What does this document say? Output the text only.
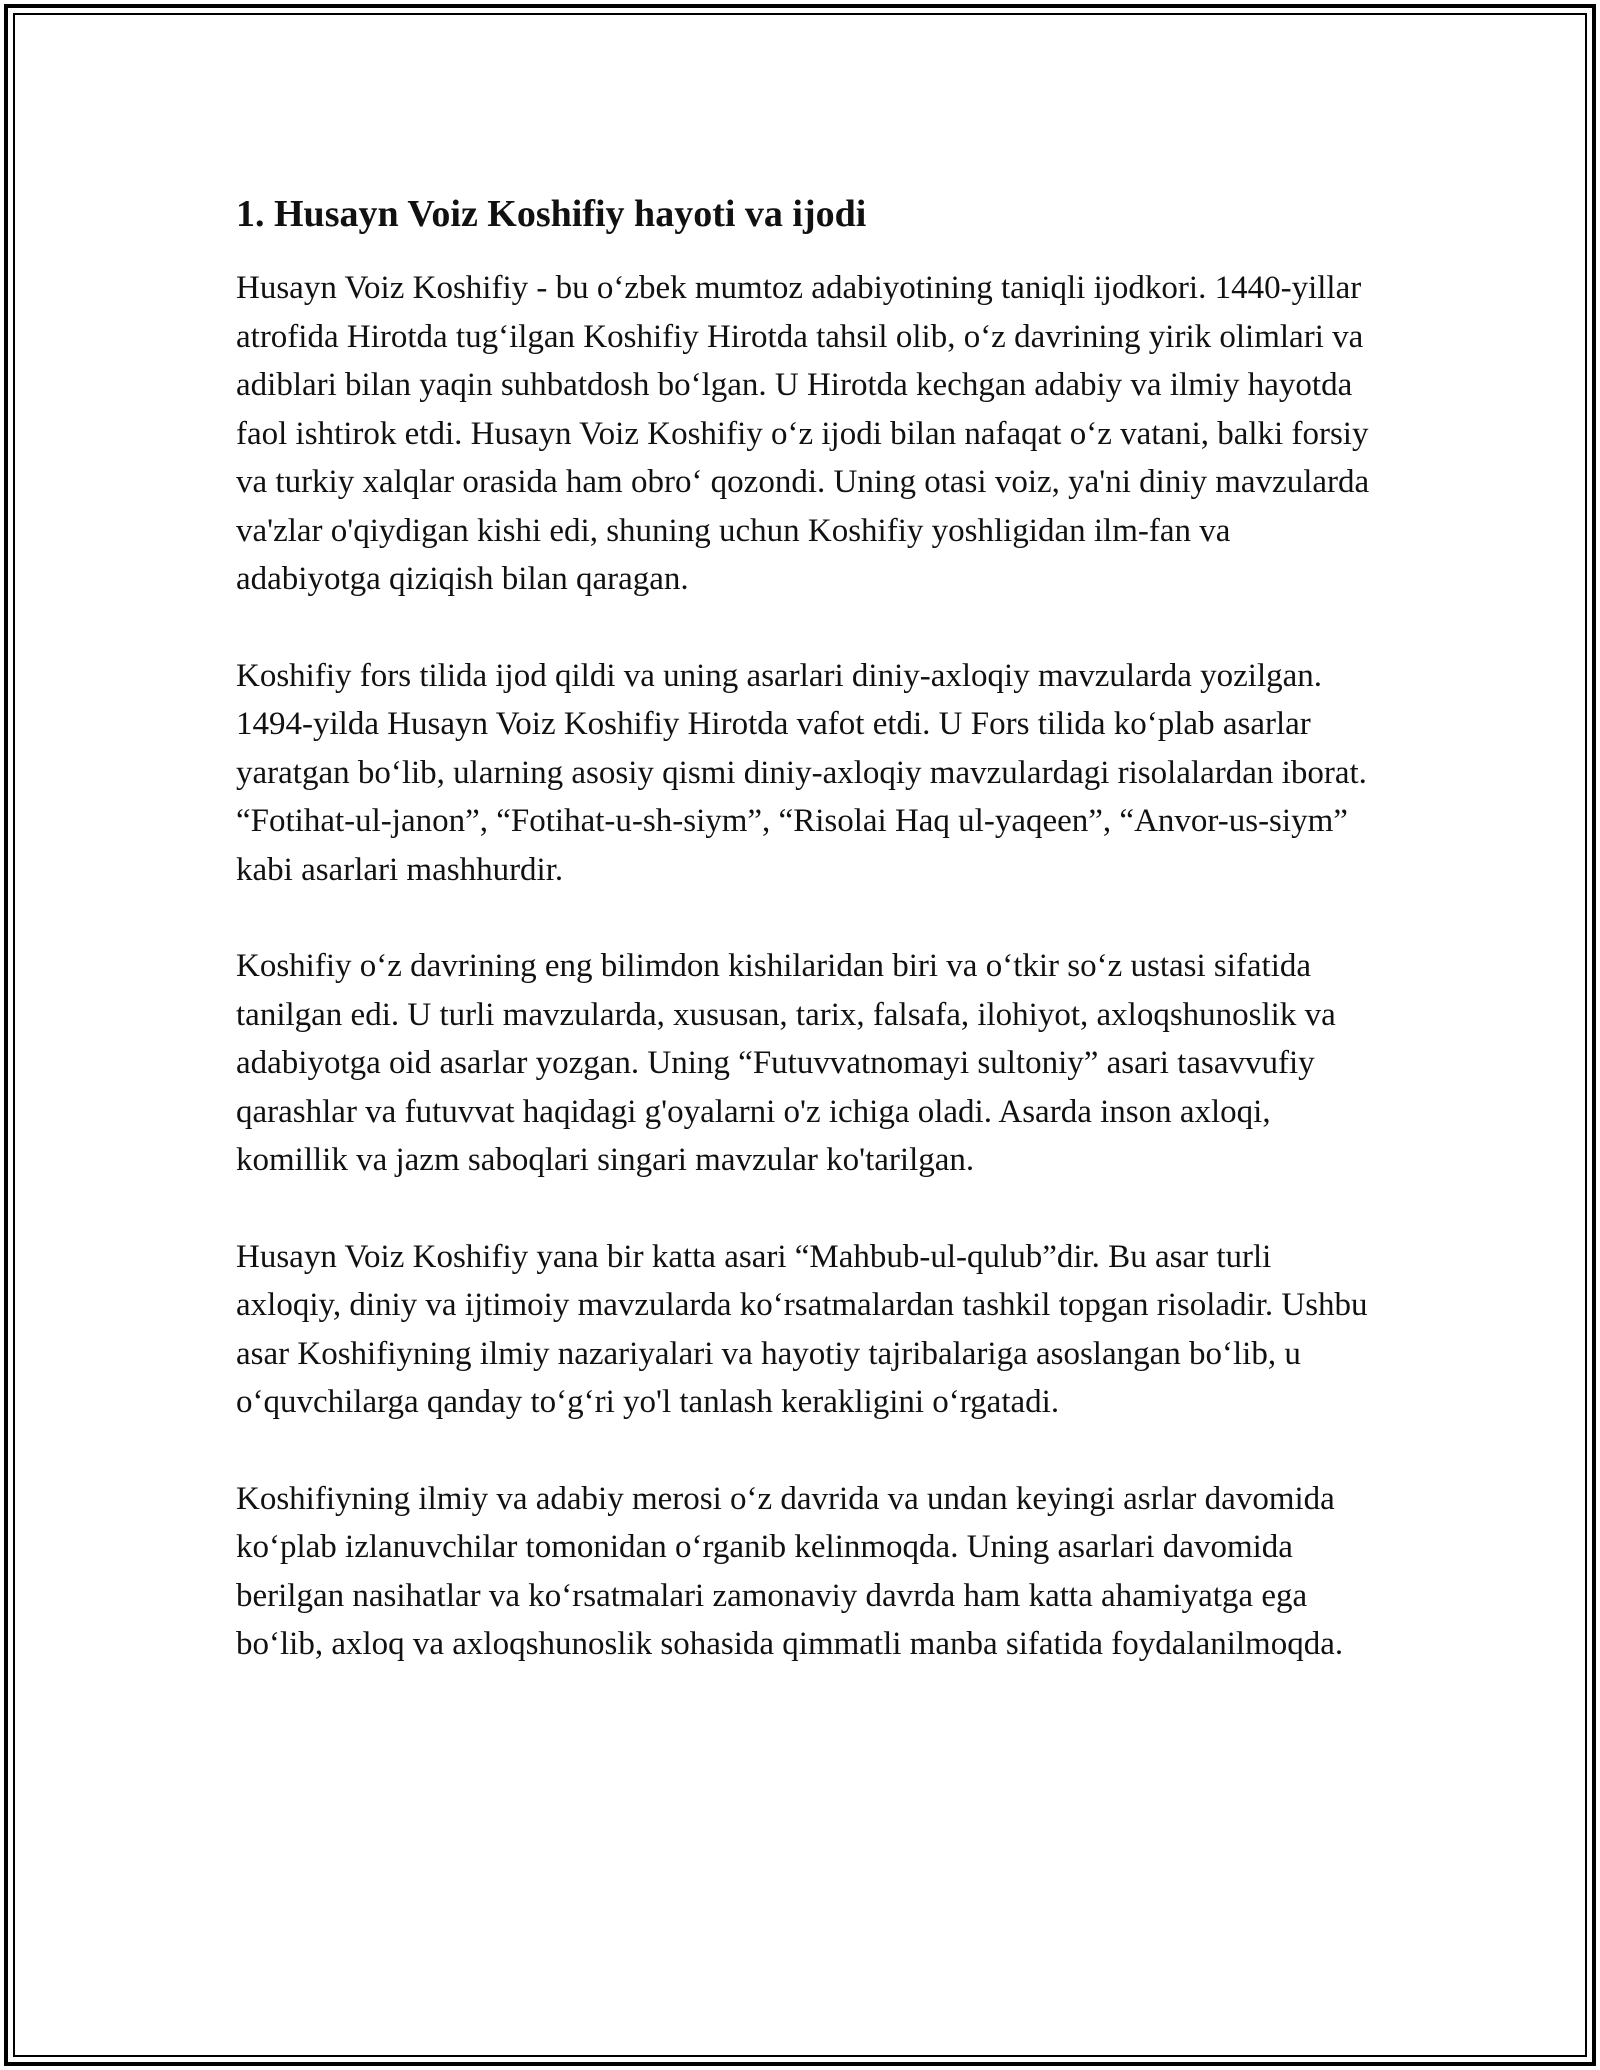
1. Husayn Voiz Koshifiy hayoti va ijodi

Husayn Voiz Koshifiy - bu o‘zbek mumtoz adabiyotining taniqli ijodkori. 1440-yillar atrofida Hirotda tug‘ilgan Koshifiy Hirotda tahsil olib, o‘z davrining yirik olimlari va adiblari bilan yaqin suhbatdosh bo‘lgan. U Hirotda kechgan adabiy va ilmiy hayotda faol ishtirok etdi. Husayn Voiz Koshifiy o‘z ijodi bilan nafaqat o‘z vatani, balki forsiy va turkiy xalqlar orasida ham obro‘ qozondi. Uning otasi voiz, ya'ni diniy mavzularda va'zlar o'qiydigan kishi edi, shuning uchun Koshifiy yoshligidan ilm-fan va adabiyotga qiziqish bilan qaragan.

Koshifiy fors tilida ijod qildi va uning asarlari diniy-axloqiy mavzularda yozilgan. 1494-yilda Husayn Voiz Koshifiy Hirotda vafot etdi. U Fors tilida ko‘plab asarlar yaratgan bo‘lib, ularning asosiy qismi diniy-axloqiy mavzulardagi risolalardan iborat. “Fotihat-ul-janon”, “Fotihat-u-sh-siym”, “Risolai Haq ul-yaqeen”, “Anvor-us-siym” kabi asarlari mashhurdir.

Koshifiy o‘z davrining eng bilimdon kishilaridan biri va o‘tkir so‘z ustasi sifatida tanilgan edi. U turli mavzularda, xususan, tarix, falsafa, ilohiyot, axloqshunoslik va adabiyotga oid asarlar yozgan. Uning “Futuvvatnomayi sultoniy” asari tasavvufiy qarashlar va futuvvat haqidagi g'oyalarni o'z ichiga oladi. Asarda inson axloqi, komillik va jazm saboqlari singari mavzular ko'tarilgan.

Husayn Voiz Koshifiy yana bir katta asari “Mahbub-ul-qulub”dir. Bu asar turli axloqiy, diniy va ijtimoiy mavzularda ko‘rsatmalardan tashkil topgan risoladir. Ushbu asar Koshifiyning ilmiy nazariyalari va hayotiy tajribalariga asoslangan bo‘lib, u o‘quvchilarga qanday to‘g‘ri yo'l tanlash kerakligini o‘rgatadi.

Koshifiyning ilmiy va adabiy merosi o‘z davrida va undan keyingi asrlar davomida ko‘plab izlanuvchilar tomonidan o‘rganib kelinmoqda. Uning asarlari davomida berilgan nasihatlar va ko‘rsatmalari zamonaviy davrda ham katta ahamiyatga ega bo‘lib, axloq va axloqshunoslik sohasida qimmatli manba sifatida foydalanilmoqda.
